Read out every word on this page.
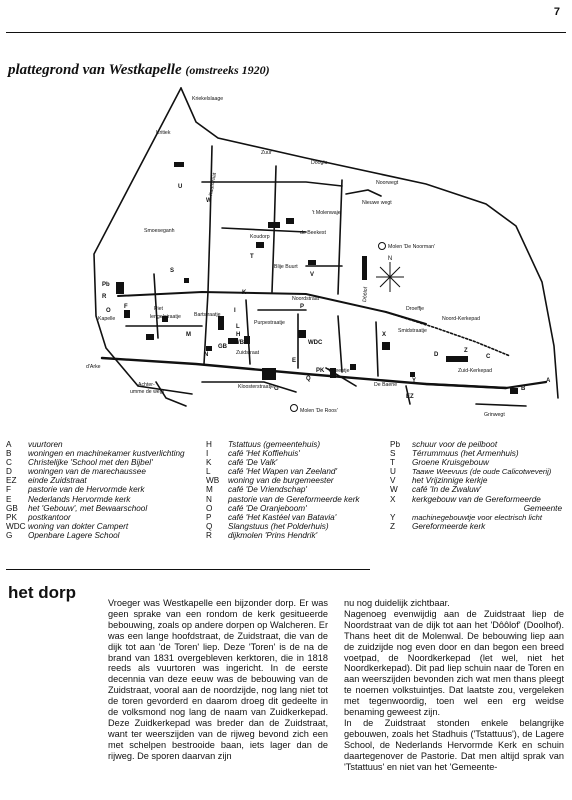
7
plattegrond van Westkapelle (omstreeks 1920)
N
Kriekelslaage
Kritiek
Zuur
Kaaistraat
Dôôglu
Noorwegt
't Molenwaje
Nieuwe wegt
Smoeseganh	de Beekest
Koudorp
Molen 'De Noorman'
Blije Buurt
Dôôlof
Noordstraat
Piet
lengelstraatje	Bartstraatje
Purpestraatje
Droeffje
Noord-Kerkepad
Smidstraatje
Kapelle
Zuidstraat
Zuid-Kerkepad
d'Arke
't Beentje
De Baene
Kloosterstraatje
Achter-
umme de wegt
Molen 'De Roos'
Grinwegt
A
B
C
D
E
EZ
F
G
GB
H
I
K
L
M
N
O
P
PK
Pb
Q
R
S
T
U
V
W
WB	WDC
X
Y
Z
A	vuurtoren
B	woningen en machinekamer kustverlichting
C	Christelijke 'School met den Bijbel'
D	woningen van de marechaussee
EZ	einde Zuidstraat
F	pastorie van de Hervormde kerk
E	Nederlands Hervormde kerk
GB	het 'Gebouw', met Bewaarschool
PK	postkantoor
WDC woning van dokter Campert
G	Openbare Lagere School
H	Tstattuus (gemeentehuis)
I	café 'Het Koffiehuis'
K	café 'De Valk'
L	café 'Het Wapen van Zeeland'
WB	woning van de burgemeester
M	café 'De Vriendschap'
N	pastorie van de Gereformeerde kerk
O	café 'De Oranjeboom'
P	café 'Het Kastéel van Batavia'
Q	Slangstuus (het Polderhuis)
R	dijkmolen 'Prins Hendrik'
Pb	schuur voor de peilboot
S	Térrummuus (het Armenhuis)
T	Groene Kruisgebouw
U	Taawe Weevuus (de oude Calicotweverij)
V	het Vrijzinnige kerkje
W	café 'In de Zwaluw'
X	kerkgebouw van de Gereformeerde
Gemeente
Y	machinegebouwtje voor electrisch licht
Z	Gereformeerde kerk
het dorp

Vroeger was Westkapelle een bijzonder dorp. Er was geen sprake van een rondom de kerk gesitueerde bebouwing, zoals op andere dorpen op Walcheren. Er was een lange hoofdstraat, de Zuidstraat, die van de dijk tot aan 'de Toren' liep. Deze 'Toren' is de na de brand van 1831 overgebleven kerktoren, die in 1818 reeds als vuurtoren was ingericht. In de eerste decennia van deze eeuw was de bebouwing van de Zuidstraat, vooral aan de noordzijde, nog lang niet tot de toren gevorderd en daarom droeg dit gedeelte in de volksmond nog lang de naam van Zuidkerkepad. Deze Zuidkerkepad was breder dan de Zuidstraat, want ter weerszijden van de rijweg bevond zich een met schelpen bestrooide baan, iets lager dan de rijweg. De sporen daarvan zijn

nu nog duidelijk zichtbaar.

Nagenoeg evenwijdig aan de Zuidstraat liep de Noordstraat van de dijk tot aan het 'Dôôlof' (Doolhof). Thans heet dit de Molenwal. De bebouwing liep aan de zuidzijde nog even door en dan begon een breed voetpad, de Noordkerkepad (let wel, niet het Noordkerkepad). Dit pad liep schuin naar de Toren en aan weerszijden bevonden zich wat men thans pleegt te noemen volkstuintjes. Dat laatste zou, vergeleken met tegenwoordig, toen wel een erg weidse benaming geweest zijn.

In de Zuidstraat stonden enkele belangrijke gebouwen, zoals het Stadhuis ('Tstattuus'), de Lagere School, de Nederlands Hervormde Kerk en schuin daartegenover de Pastorie. Dat men altijd sprak van 'Tstattuus' en niet van het 'Gemeente-
